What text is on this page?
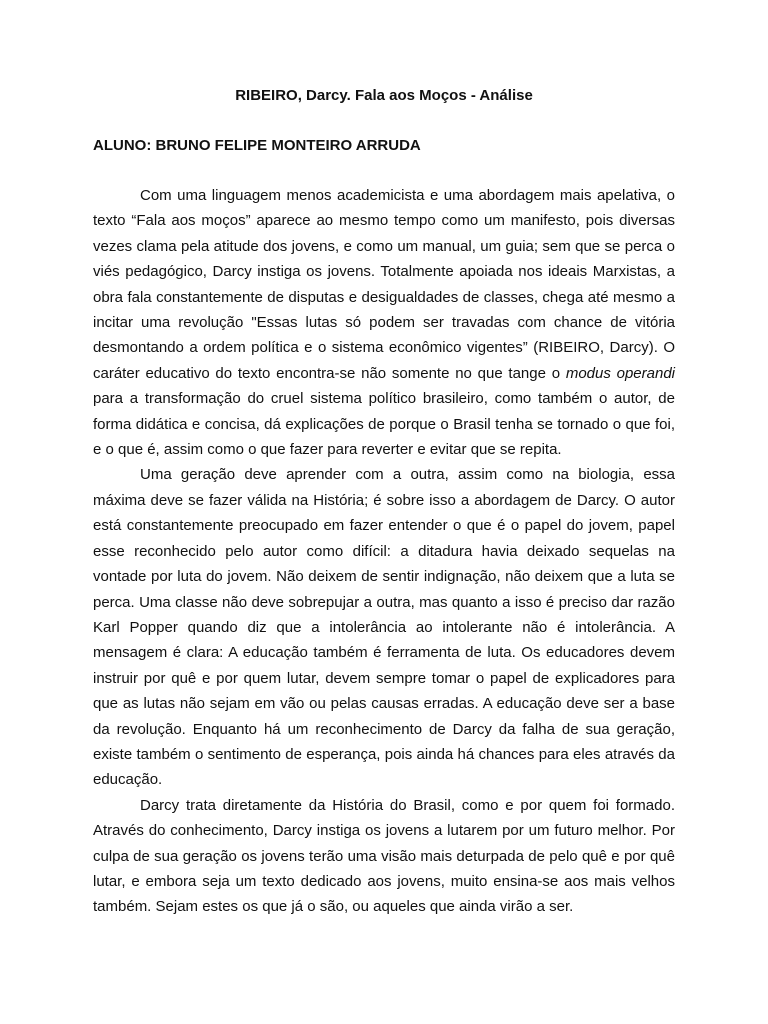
RIBEIRO, Darcy. Fala aos Moços - Análise
ALUNO: BRUNO FELIPE MONTEIRO ARRUDA

Com uma linguagem menos academicista e uma abordagem mais apelativa, o texto “Fala aos moços” aparece ao mesmo tempo como um manifesto, pois diversas vezes clama pela atitude dos jovens, e como um manual, um guia; sem que se perca o viés pedagógico, Darcy instiga os jovens. Totalmente apoiada nos ideais Marxistas, a obra fala constantemente de disputas e desigualdades de classes, chega até mesmo a incitar uma revolução "Essas lutas só podem ser travadas com chance de vitória desmontando a ordem política e o sistema econômico vigentes” (RIBEIRO, Darcy). O caráter educativo do texto encontra-se não somente no que tange o modus operandi para a transformação do cruel sistema político brasileiro, como também o autor, de forma didática e concisa, dá explicações de porque o Brasil tenha se tornado o que foi, e o que é, assim como o que fazer para reverter e evitar que se repita.

Uma geração deve aprender com a outra, assim como na biologia, essa máxima deve se fazer válida na História; é sobre isso a abordagem de Darcy. O autor está constantemente preocupado em fazer entender o que é o papel do jovem, papel esse reconhecido pelo autor como difícil: a ditadura havia deixado sequelas na vontade por luta do jovem. Não deixem de sentir indignação, não deixem que a luta se perca. Uma classe não deve sobrepujar a outra, mas quanto a isso é preciso dar razão Karl Popper quando diz que a intolerância ao intolerante não é intolerância. A mensagem é clara: A educação também é ferramenta de luta. Os educadores devem instruir por quê e por quem lutar, devem sempre tomar o papel de explicadores para que as lutas não sejam em vão ou pelas causas erradas. A educação deve ser a base da revolução. Enquanto há um reconhecimento de Darcy da falha de sua geração, existe também o sentimento de esperança, pois ainda há chances para eles através da educação.

Darcy trata diretamente da História do Brasil, como e por quem foi formado. Através do conhecimento, Darcy instiga os jovens a lutarem por um futuro melhor. Por culpa de sua geração os jovens terão uma visão mais deturpada de pelo quê e por quê lutar, e embora seja um texto dedicado aos jovens, muito ensina-se aos mais velhos também. Sejam estes os que já o são, ou aqueles que ainda virão a ser.
